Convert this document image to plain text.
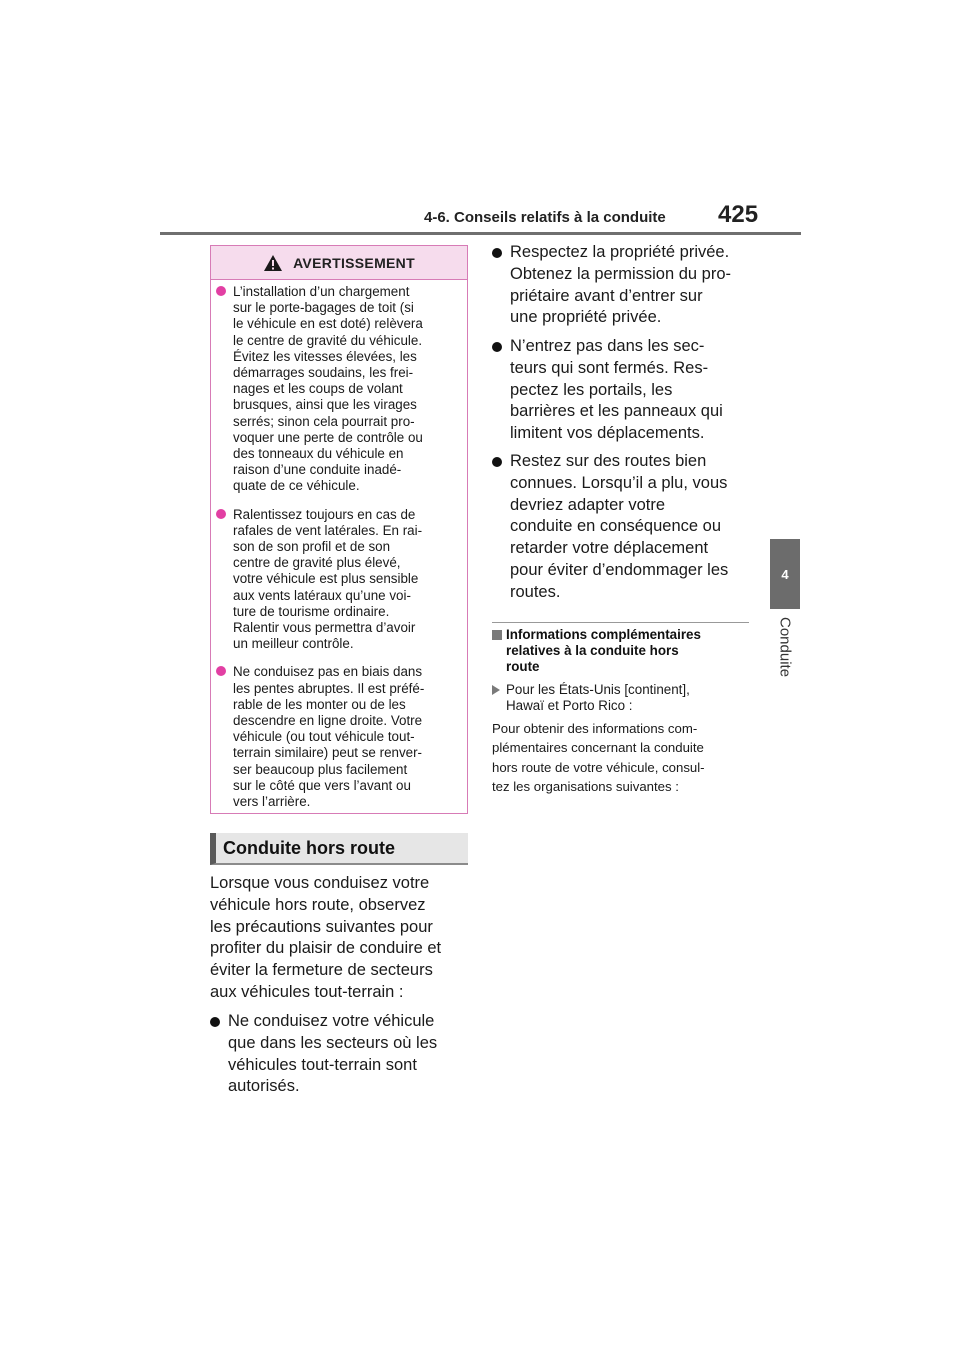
4-6. Conseils relatifs à la conduite 425
4
Conduite
AVERTISSEMENT
L’installation d’un chargement
sur le porte-bagages de toit (si
le véhicule en est doté) relèvera
le centre de gravité du véhicule.
Évitez les vitesses élevées, les
démarrages soudains, les frei-
nages et les coups de volant
brusques, ainsi que les virages
serrés; sinon cela pourrait pro-
voquer une perte de contrôle ou
des tonneaux du véhicule en
raison d’une conduite inadé-
quate de ce véhicule.
Ralentissez toujours en cas de
rafales de vent latérales. En rai-
son de son profil et de son
centre de gravité plus élevé,
votre véhicule est plus sensible
aux vents latéraux qu’une voi-
ture de tourisme ordinaire.
Ralentir vous permettra d’avoir
un meilleur contrôle.
Ne conduisez pas en biais dans
les pentes abruptes. Il est préfé-
rable de les monter ou de les
descendre en ligne droite. Votre
véhicule (ou tout véhicule tout-
terrain similaire) peut se renver-
ser beaucoup plus facilement
sur le côté que vers l’avant ou
vers l’arrière.
Conduite hors route
Lorsque vous conduisez votre
véhicule hors route, observez
les précautions suivantes pour
profiter du plaisir de conduire et
éviter la fermeture de secteurs
aux véhicules tout-terrain :
Ne conduisez votre véhicule
que dans les secteurs où les
véhicules tout-terrain sont
autorisés.
Respectez la propriété privée.
Obtenez la permission du pro-
priétaire avant d’entrer sur
une propriété privée.
N’entrez pas dans les sec-
teurs qui sont fermés. Res-
pectez les portails, les
barrières et les panneaux qui
limitent vos déplacements.
Restez sur des routes bien
connues. Lorsqu’il a plu, vous
devriez adapter votre
conduite en conséquence ou
retarder votre déplacement
pour éviter d’endommager les
routes.
Informations complémentaires
relatives à la conduite hors
route
Pour les États-Unis [continent],
Hawaï et Porto Rico :
Pour obtenir des informations com-
plémentaires concernant la conduite
hors route de votre véhicule, consul-
tez les organisations suivantes :
